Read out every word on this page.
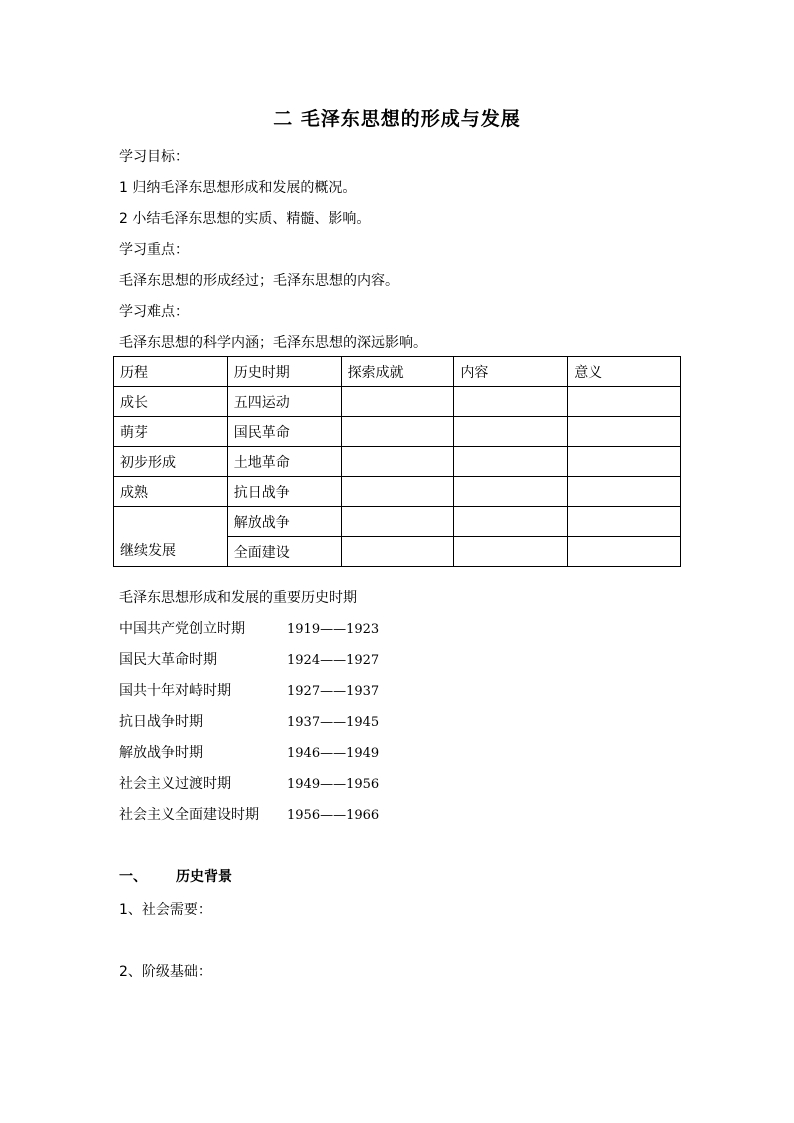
二 毛泽东思想的形成与发展
学习目标：
1 归纳毛泽东思想形成和发展的概况。
2 小结毛泽东思想的实质、精髓、影响。
学习重点：
毛泽东思想的形成经过；毛泽东思想的内容。
学习难点：
毛泽东思想的科学内涵；毛泽东思想的深远影响。
历程	历史时期	探索成就	内容	意义
成长	五四运动			
萌芽	国民革命			
初步形成	土地革命			
成熟	抗日战争			
继续发展	解放战争			
	全面建设			
毛泽东思想形成和发展的重要历史时期
中国共产党创立时期	1919——1923
国民大革命时期	1924——1927
国共十年对峙时期	1927——1937
抗日战争时期	1937——1945
解放战争时期	1946——1949
社会主义过渡时期	1949——1956
社会主义全面建设时期 1956——1966
一、 历史背景
1、社会需要：
2、阶级基础：
